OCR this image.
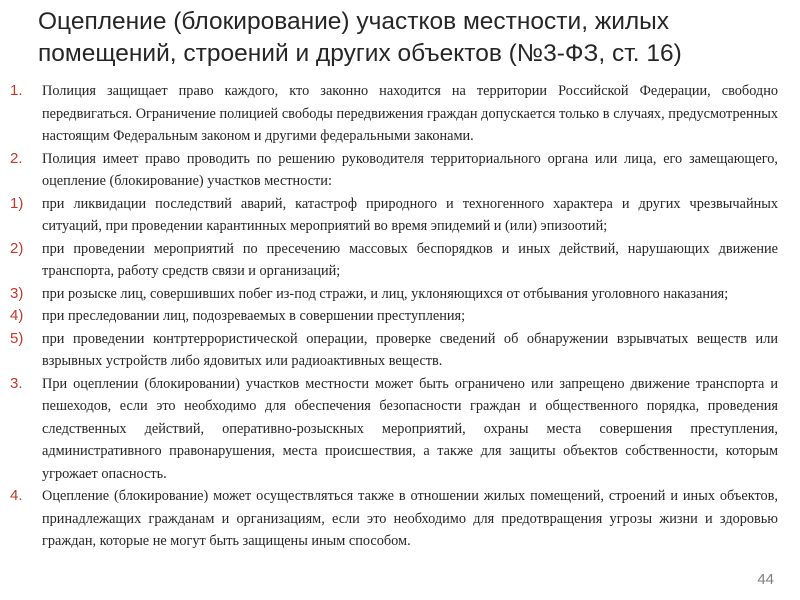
Оцепление (блокирование) участков местности, жилых помещений, строений и других объектов (№3-ФЗ, ст. 16)
1.	Полиция защищает право каждого, кто законно находится на территории Российской Федерации, свободно передвигаться. Ограничение полицией свободы передвижения граждан допускается только в случаях, предусмотренных настоящим Федеральным законом и другими федеральными законами.
2.	Полиция имеет право проводить по решению руководителя территориального органа или лица, его замещающего, оцепление (блокирование) участков местности:
1)	при ликвидации последствий аварий, катастроф природного и техногенного характера и других чрезвычайных ситуаций, при проведении карантинных мероприятий во время эпидемий и (или) эпизоотий;
2)	при проведении мероприятий по пресечению массовых беспорядков и иных действий, нарушающих движение транспорта, работу средств связи и организаций;
3)	при розыске лиц, совершивших побег из-под стражи, и лиц, уклоняющихся от отбывания уголовного наказания;
4)	при преследовании лиц, подозреваемых в совершении преступления;
5)	при проведении контртеррористической операции, проверке сведений об обнаружении взрывчатых веществ или взрывных устройств либо ядовитых или радиоактивных веществ.
3.	При оцеплении (блокировании) участков местности может быть ограничено или запрещено движение транспорта и пешеходов, если это необходимо для обеспечения безопасности граждан и общественного порядка, проведения следственных действий, оперативно-розыскных мероприятий, охраны места совершения преступления, административного правонарушения, места происшествия, а также для защиты объектов собственности, которым угрожает опасность.
4.	Оцепление (блокирование) может осуществляться также в отношении жилых помещений, строений и иных объектов, принадлежащих гражданам и организациям, если это необходимо для предотвращения угрозы жизни и здоровью граждан, которые не могут быть защищены иным способом.
44
